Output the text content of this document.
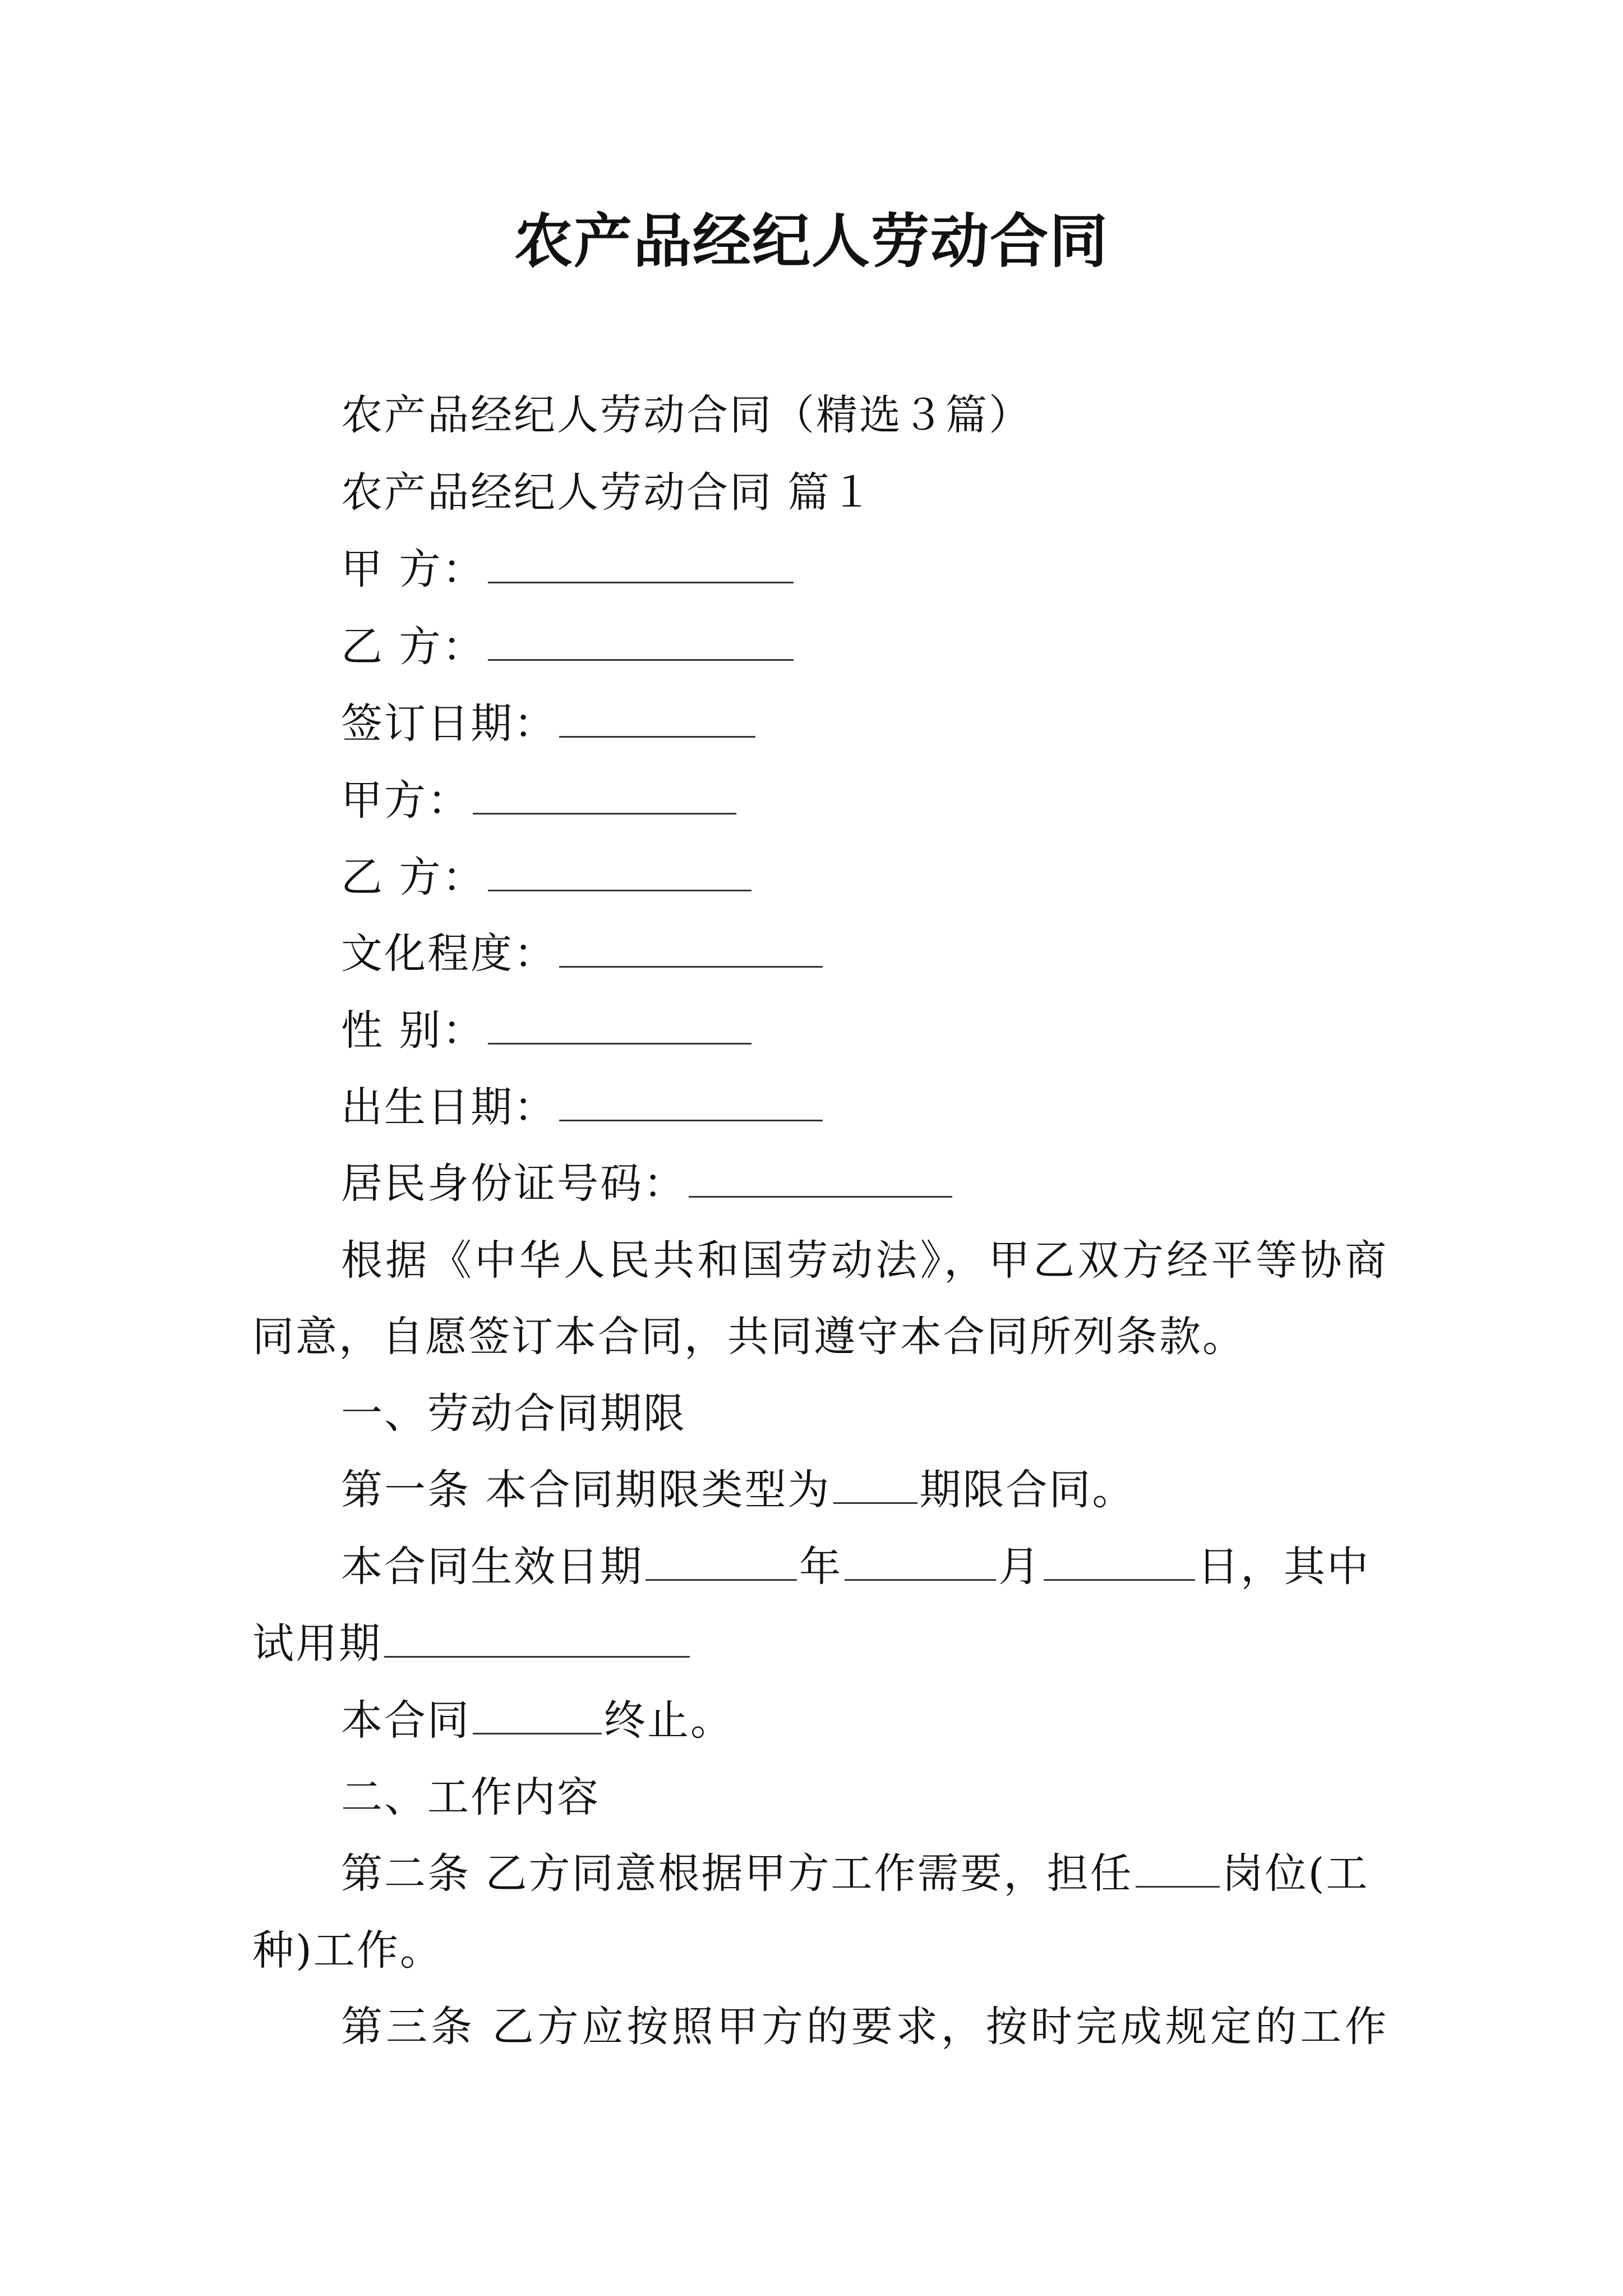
农产品经纪人劳动合同
农产品经纪人劳动合同（精选３篇）
农产品经纪人劳动合同 篇１
甲 方：
乙 方：
签订日期：
甲方：
乙 方：
文化程度：
性 别：
出生日期：
居民身份证号码：
根据《中华人民共和国劳动法》，甲乙双方经平等协商
同意，自愿签订本合同，共同遵守本合同所列条款。
一、劳动合同期限
第一条 本合同期限类型为 期限合同。
本合同生效日期	年	月	日，其中
试用期
本合同	终止。
二、工作内容
第二条 乙方同意根据甲方工作需要，担任 岗位(工
种)工作。
第三条 乙方应按照甲方的要求，按时完成规定的工作
